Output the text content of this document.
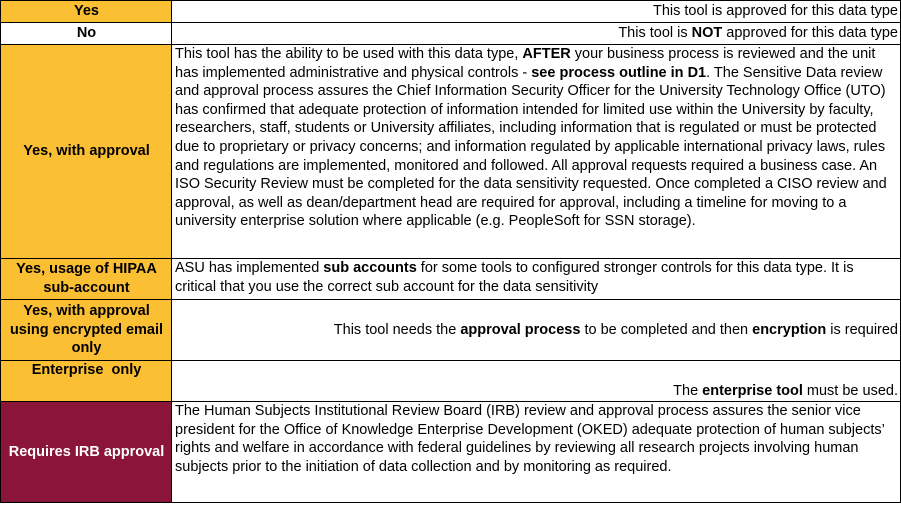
Yes	This tool is approved for this data type
No	This tool is NOT approved for this data type
Yes, with approval	This tool has the ability to be used with this data type, AFTER your business process is reviewed and the unit has implemented administrative and physical controls - see process outline in D1. The Sensitive Data review and approval process assures the Chief Information Security Officer for the University Technology Office (UTO) has confirmed that adequate protection of information intended for limited use within the University by faculty, researchers, staff, students or University affiliates, including information that is regulated or must be protected due to proprietary or privacy concerns; and information regulated by applicable international privacy laws, rules and regulations are implemented, monitored and followed. All approval requests required a business case. An ISO Security Review must be completed for the data sensitivity requested. Once completed a CISO review and approval, as well as dean/department head are required for approval, including a timeline for moving to a university enterprise solution where applicable (e.g. PeopleSoft for SSN storage).
Yes, usage of HIPAA sub-account	ASU has implemented sub accounts for some tools to configured stronger controls for this data type. It is critical that you use the correct sub account for the data sensitivity
Yes, with approval using encrypted email only	This tool needs the approval process to be completed and then encryption is required
Enterprise  only	The enterprise tool must be used.
Requires IRB approval	The Human Subjects Institutional Review Board (IRB) review and approval process assures the senior vice president for the Office of Knowledge Enterprise Development (OKED) adequate protection of human subjects’ rights and welfare in accordance with federal guidelines by reviewing all research projects involving human subjects prior to the initiation of data collection and by monitoring as required.
